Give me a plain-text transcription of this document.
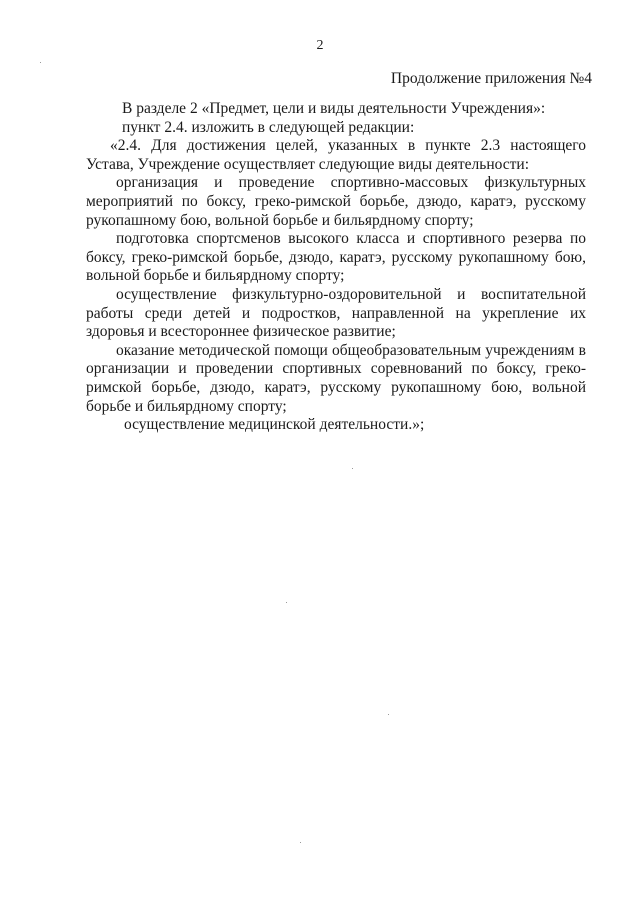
2
Продолжение приложения №4

В разделе 2 «Предмет, цели и виды деятельности Учреждения»:

пункт 2.4. изложить в следующей редакции:

«2.4. Для достижения целей, указанных в пункте 2.3 настоящего Устава, Учреждение осуществляет следующие виды деятельности:

организация и проведение спортивно-массовых физкультурных мероприятий по боксу, греко-римской борьбе, дзюдо, каратэ, русскому рукопашному бою, вольной борьбе и бильярдному спорту;

подготовка спортсменов высокого класса и спортивного резерва по боксу, греко-римской борьбе, дзюдо, каратэ, русскому рукопашному бою, вольной борьбе и бильярдному спорту;

осуществление физкультурно-оздоровительной и воспитательной работы среди детей и подростков, направленной на укрепление их здоровья и всестороннее физическое развитие;

оказание методической помощи общеобразовательным учреждениям в организации и проведении спортивных соревнований по боксу, греко-римской борьбе, дзюдо, каратэ, русскому рукопашному бою, вольной борьбе и бильярдному спорту;

осуществление медицинской деятельности.»;
